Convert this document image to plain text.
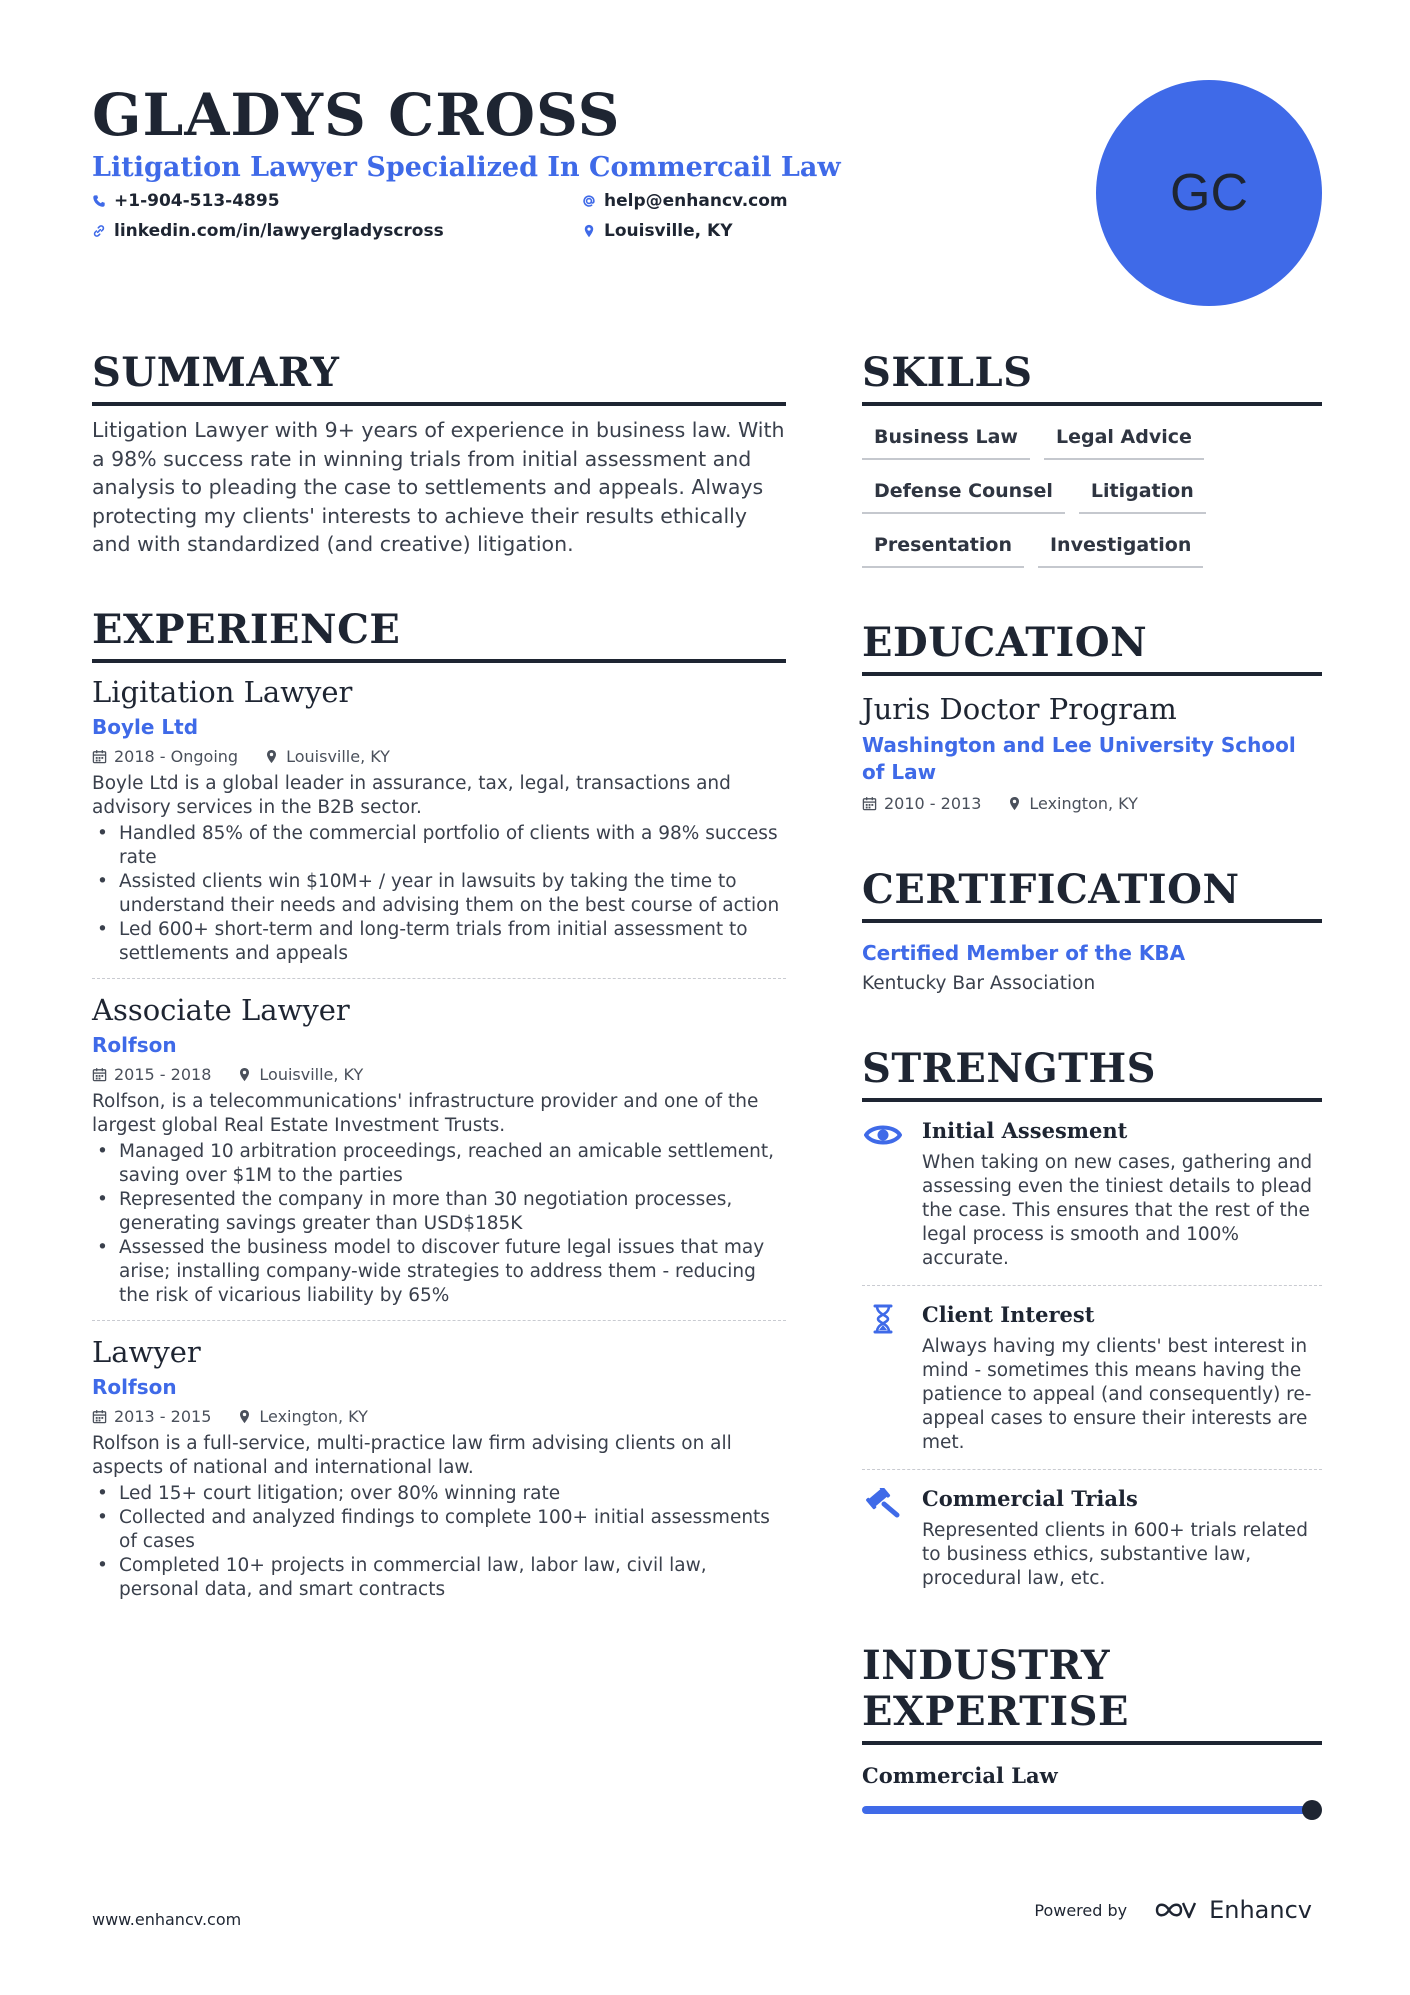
GLADYS CROSS
Litigation Lawyer Specialized In Commercail Law
+1-904-513-4895	help@enhancv.com
linkedin.com/in/lawyergladyscross	Louisville, KY
GC
SUMMARY

Litigation Lawyer with 9+ years of experience in business law. With a 98% success rate in winning trials from initial assessment and analysis to pleading the case to settlements and appeals. Always protecting my clients' interests to achieve their results ethically and with standardized (and creative) litigation.

EXPERIENCE
Ligitation Lawyer
Boyle Ltd
2018 - Ongoing	Louisville, KY

Boyle Ltd is a global leader in assurance, tax, legal, transactions and advisory services in the B2B sector.

• Handled 85% of the commercial portfolio of clients with a 98% success rate
• Assisted clients win $10M+ / year in lawsuits by taking the time to understand their needs and advising them on the best course of action
• Led 600+ short-term and long-term trials from initial assessment to settlements and appeals
Associate Lawyer
Rolfson
2015 - 2018	Louisville, KY

Rolfson, is a telecommunications' infrastructure provider and one of the largest global Real Estate Investment Trusts.

• Managed 10 arbitration proceedings, reached an amicable settlement, saving over $1M to the parties
• Represented the company in more than 30 negotiation processes, generating savings greater than USD$185K
• Assessed the business model to discover future legal issues that may arise; installing company-wide strategies to address them - reducing the risk of vicarious liability by 65%
Lawyer
Rolfson
2013 - 2015	Lexington, KY

Rolfson is a full-service, multi-practice law firm advising clients on all aspects of national and international law.

• Led 15+ court litigation; over 80% winning rate
• Collected and analyzed findings to complete 100+ initial assessments of cases
• Completed 10+ projects in commercial law, labor law, civil law, personal data, and smart contracts
SKILLS
Business Law	Legal Advice
Defense Counsel	Litigation
Presentation	Investigation
EDUCATION
Juris Doctor Program
Washington and Lee University School of Law
2010 - 2013	Lexington, KY
CERTIFICATION
Certified Member of the KBA
Kentucky Bar Association
STRENGTHS
Initial Assesment

When taking on new cases, gathering and assessing even the tiniest details to plead the case. This ensures that the rest of the legal process is smooth and 100% accurate.

Client Interest

Always having my clients' best interest in mind - sometimes this means having the patience to appeal (and consequently) re-appeal cases to ensure their interests are met.

Commercial Trials

Represented clients in 600+ trials related to business ethics, substantive law, procedural law, etc.

INDUSTRY
EXPERTISE
Commercial Law
www.enhancv.com	Powered by	Enhancv
